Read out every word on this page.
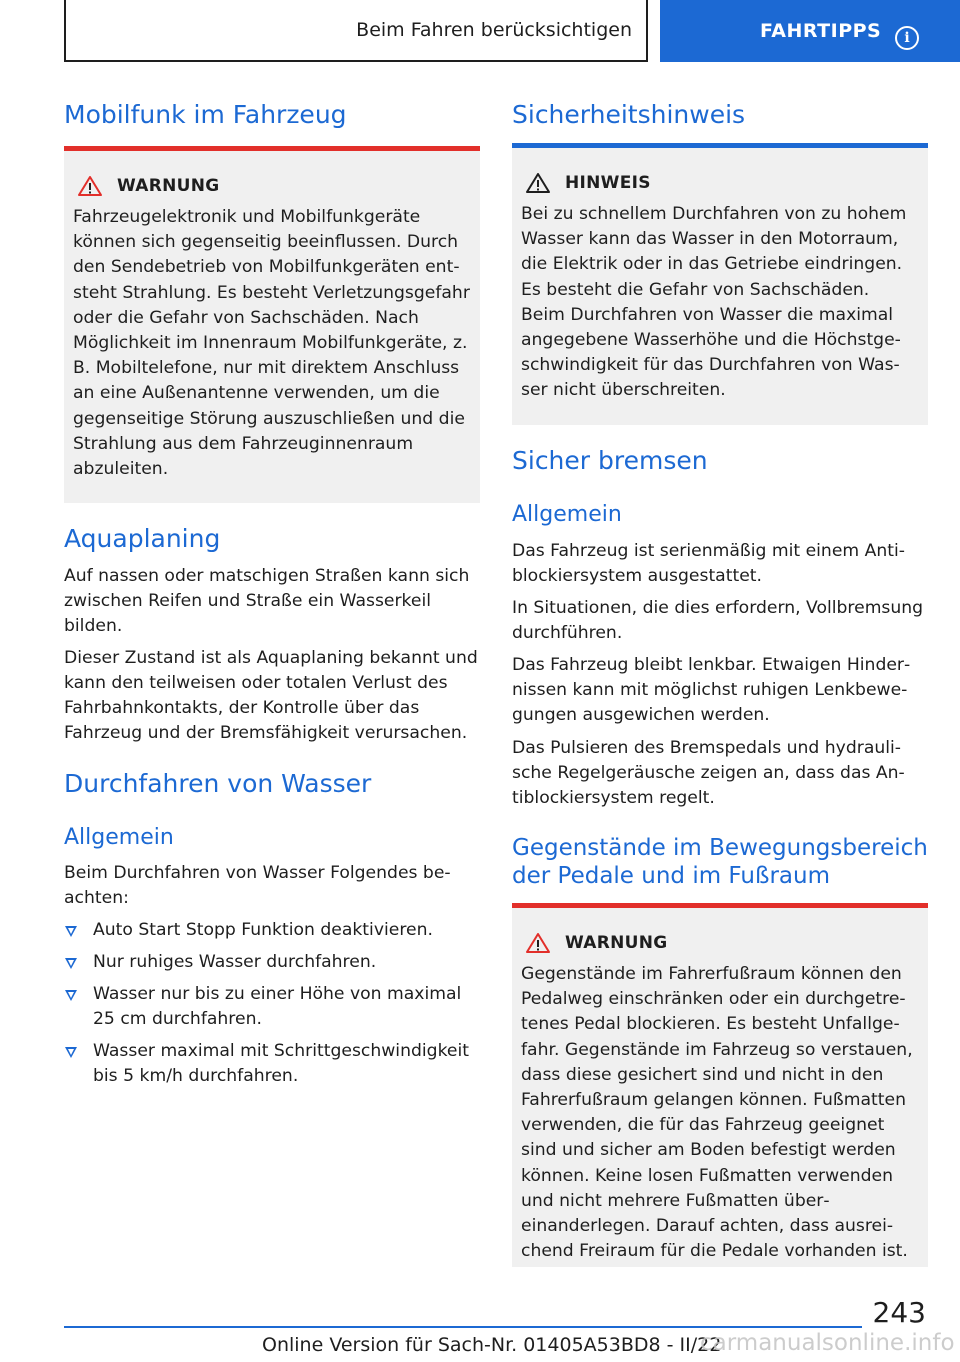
Beim Fahren berücksichtigen	FAHRTIPPS	i
Mobilfunk im Fahrzeug
WARNUNG

Fahrzeugelektronik und Mobilfunkgeräte können sich gegenseitig beeinflussen. Durch den Sendebetrieb von Mobilfunkgeräten entsteht Strahlung. Es besteht Verletzungsgefahr oder die Gefahr von Sachschäden. Nach Möglichkeit im Innenraum Mobilfunkgeräte, z. B. Mobiltelefone, nur mit direktem Anschluss an eine Außenantenne verwenden, um die gegenseitige Störung auszuschließen und die Strahlung aus dem Fahrzeuginnenraum abzuleiten.

Aquaplaning

Auf nassen oder matschigen Straßen kann sich zwischen Reifen und Straße ein Wasserkeil bilden.

Dieser Zustand ist als Aquaplaning bekannt und kann den teilweisen oder totalen Verlust des Fahrbahnkontakts, der Kontrolle über das Fahrzeug und der Bremsfähigkeit verursachen.

Durchfahren von Wasser
Allgemein

Beim Durchfahren von Wasser Folgendes beachten:

Auto Start Stopp Funktion deaktivieren.
Nur ruhiges Wasser durchfahren.
Wasser nur bis zu einer Höhe von maximal 25 cm durchfahren.
Wasser maximal mit Schrittgeschwindigkeit bis 5 km/h durchfahren.
Sicherheitshinweis
HINWEIS

Bei zu schnellem Durchfahren von zu hohem Wasser kann das Wasser in den Motorraum, die Elektrik oder in das Getriebe eindringen. Es besteht die Gefahr von Sachschäden. Beim Durchfahren von Wasser die maximal angegebene Wasserhöhe und die Höchstgeschwindigkeit für das Durchfahren von Wasser nicht überschreiten.

Sicher bremsen
Allgemein

Das Fahrzeug ist serienmäßig mit einem Antiblockiersystem ausgestattet.

In Situationen, die dies erfordern, Vollbremsung durchführen.

Das Fahrzeug bleibt lenkbar. Etwaigen Hindernissen kann mit möglichst ruhigen Lenkbewegungen ausgewichen werden.

Das Pulsieren des Bremspedals und hydraulische Regelgeräusche zeigen an, dass das Antiblockiersystem regelt.

Gegenstände im Bewegungsbereich
der Pedale und im Fußraum
WARNUNG

Gegenstände im Fahrerfußraum können den Pedalweg einschränken oder ein durchgetretenes Pedal blockieren. Es besteht Unfallgefahr. Gegenstände im Fahrzeug so verstauen, dass diese gesichert sind und nicht in den Fahrerfußraum gelangen können. Fußmatten verwenden, die für das Fahrzeug geeignet sind und sicher am Boden befestigt werden können. Keine losen Fußmatten verwenden und nicht mehrere Fußmatten übereinanderlegen. Darauf achten, dass ausreichend Freiraum für die Pedale vorhanden ist.

243
Online Version für Sach-Nr. 01405A53BD8 - II/22
carmanualsonline.info
